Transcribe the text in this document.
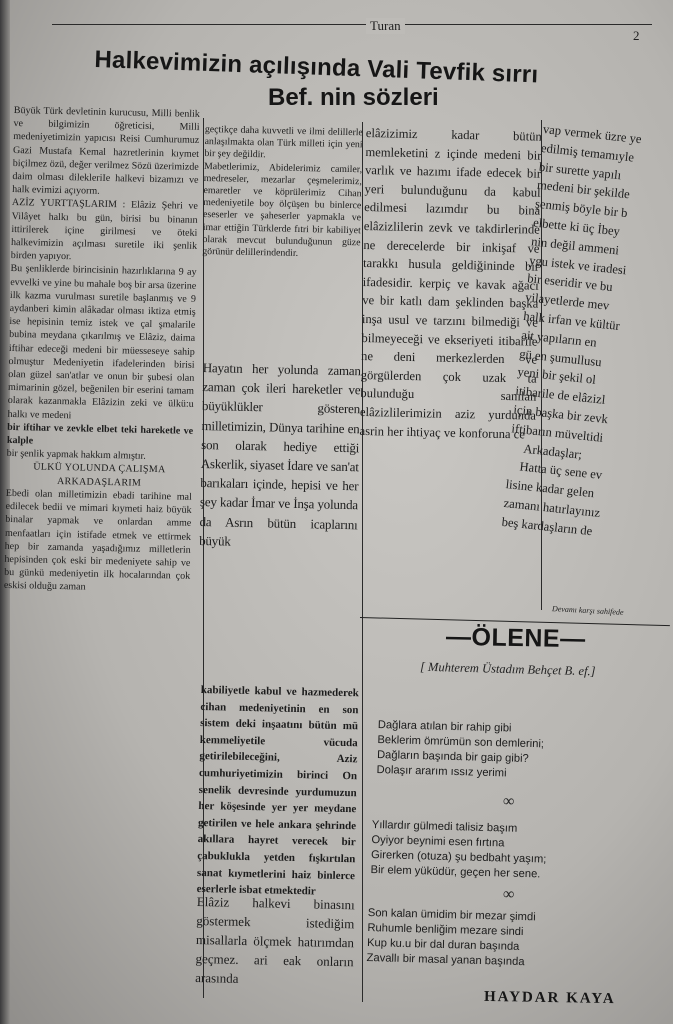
Turan
2
Halkevimizin açılışında Vali Tevfik sırrı
Bef. nin sözleri

Büyük Türk devletinin kurucusu, Milli benlik ve bilgimizin öğreticisi, Milli medeniyetimizin yapıcısı Reisi Cumhurumuz Gazi Mustafa Kemal hazretlerinin kıymet biçilmez özü, değer verilmez Sözü üzerimizde daim olması dilekleriIe halkevi bizamızı ve halk evimizi açıyorm.

AZİZ YURTTAŞLARIM : Elâziz Şehri ve Vilâyet halkı bu gün, birisi bu binanın ittirilerek içine girilmesi ve öteki halkevimizin açılması suretile iki şenlik birden yapıyor.

Bu şenliklerde birincisinin hazırlıklarına 9 ay evvelki ve yine bu mahale boş bir arsa üzerine ilk kazma vurulması suretile başlanmış ve 9 aydanberi kimin alâkadar olması iktiza etmiş ise hepisinin temiz istek ve çal şmalarile bubina meydana çıkarılmış ve Elâziz, daima iftihar edeceği medeni bir müesseseye sahip olmuştur Medeniyetin ifadelerinden birisi olan güzel san'atlar ve onun bir şubesi olan mimarinin gözel, beğenilen bir eserini tamam olarak kazanmakla Elâzizin zeki ve ülkü:u halkı ve medeni

bir iftihar ve zevkle elbet teki hareketle ve kalple

bir şenlik yapmak hakkım almıştır.

ÜLKÜ YOLUNDA ÇALIŞMA ARKADAŞLARIM

Ebedi olan milletimizin ebadi tarihine mal edilecek bedii ve mimari kıymeti haiz büyük binalar yapmak ve onlardan amme menfaatları için istifade etmek ve ettirmek hep bir zamanda yaşadığımız milletlerin hepisinden çok eski bir medeniyete sahip ve bu günkü medeniyetin ilk hocalarından çok eskisi olduğu zaman

geçtikçe daha kuvvetli ve ilmi delillerle anlaşılmakta olan Türk milleti için yeni bir şey değildir.

Mabetlerimiz, Abidelerimiz camiler, medreseler, mezarlar çeşmelerimiz, emaretler ve köprülerimiz Cihan medeniyetile boy ölçüşen bu binlerce eseserler ve şaheserler yapmakla ve imar ettiğin Türklerde fıtri bir kabiliyet olarak mevcut bulunduğunun güze görünür delillerindendir.

Hayatın her yolunda zaman zaman çok ileri hareketler ve büyüklükler gösteren milletimizin, Dünya tarihine en son olarak hediye ettiği Askerlik, siyaset İdare ve san'at barıkaları içinde, hepisi ve her şey kadar İmar ve İnşa yolunda da Asrın bütün icaplarını büyük

kabiliyetle kabul ve hazmederek cihan medeniyetinin en son sistem deki inşaatını bütün mü kemmeliyetile vücuda getirilebileceğini, Aziz cumhuriyetimizin birinci On senelik devresinde yurdumuzun her köşesinde yer yer meydane getirilen ve hele ankara şehrinde akıllara hayret verecek bir çabuklukla yetden fışkırtılan sanat kıymetlerini haiz binlerce eserlerle isbat etmektedir

Elâziz halkevi binasını göstermek istediğim misallarla ölçmek hatırımdan geçmez. ari eak onların arasında

elâzizimiz kadar bütün memleketini z içinde medeni bir varlık ve hazımı ifade edecek bir yeri bulunduğunu da kabul edilmesi lazımdır bu bina elâzizlilerin zevk ve takdirlerinde ne derecelerde bir inkişaf ve tarakkı husula geldiğininde bir ifadesidir. kerpiç ve kavak ağacı ve bir katlı dam şeklinden başka inşa usul ve tarzını bilmediği ve bilmeyeceği ve ekseriyeti itibarile ne deni merkezlerden ve görgülerden çok uzak ta bulunduğu sanılan elâzizlilerimizin aziz yurdunda asrin her ihtiyaç ve konforuna ce

vap vermek üzre ye
edilmiş temamıyle
bir surette yapılı
medeni bir şekilde
şenmiş böyle bir b
elbette ki üç İbey
nin değil ammeni
ygu istek ve iradesi
bir eseridir ve bu
vilayetlerde mev
halk irfan ve kültür
ait yapıların en
gü en şumullusu
yeni bir şekil ol
itibarile de elâzizl
için başka bir zevk
iftibarın müveltidi
Arkadaşlar;
Hatta üç sene ev
lisine kadar gelen
zamanı hatırlayınız
beş kardaşların de
Devamı karşı sahifede
—ÖLENE—
[ Muhterem Üstadım Behçet B. ef.]
Dağlara atılan bir rahip gibi
Beklerim ömrümün son demlerini;
Dağların başında bir gaip gibi?
Dolaşır ararım ıssız yerimi
∞
Yıllardır gülmedi talisiz başım
Oyiyor beynimi esen fırtına
Girerken (otuza) şu bedbaht yaşım;
Bir elem yüküdür, geçen her sene.
∞
Son kalan ümidim bir mezar şimdi
Ruhumle benliğim mezare sindi
Kup ku.u bir dal duran başında
Zavallı bir masal yanan başında
HAYDAR KAYA
